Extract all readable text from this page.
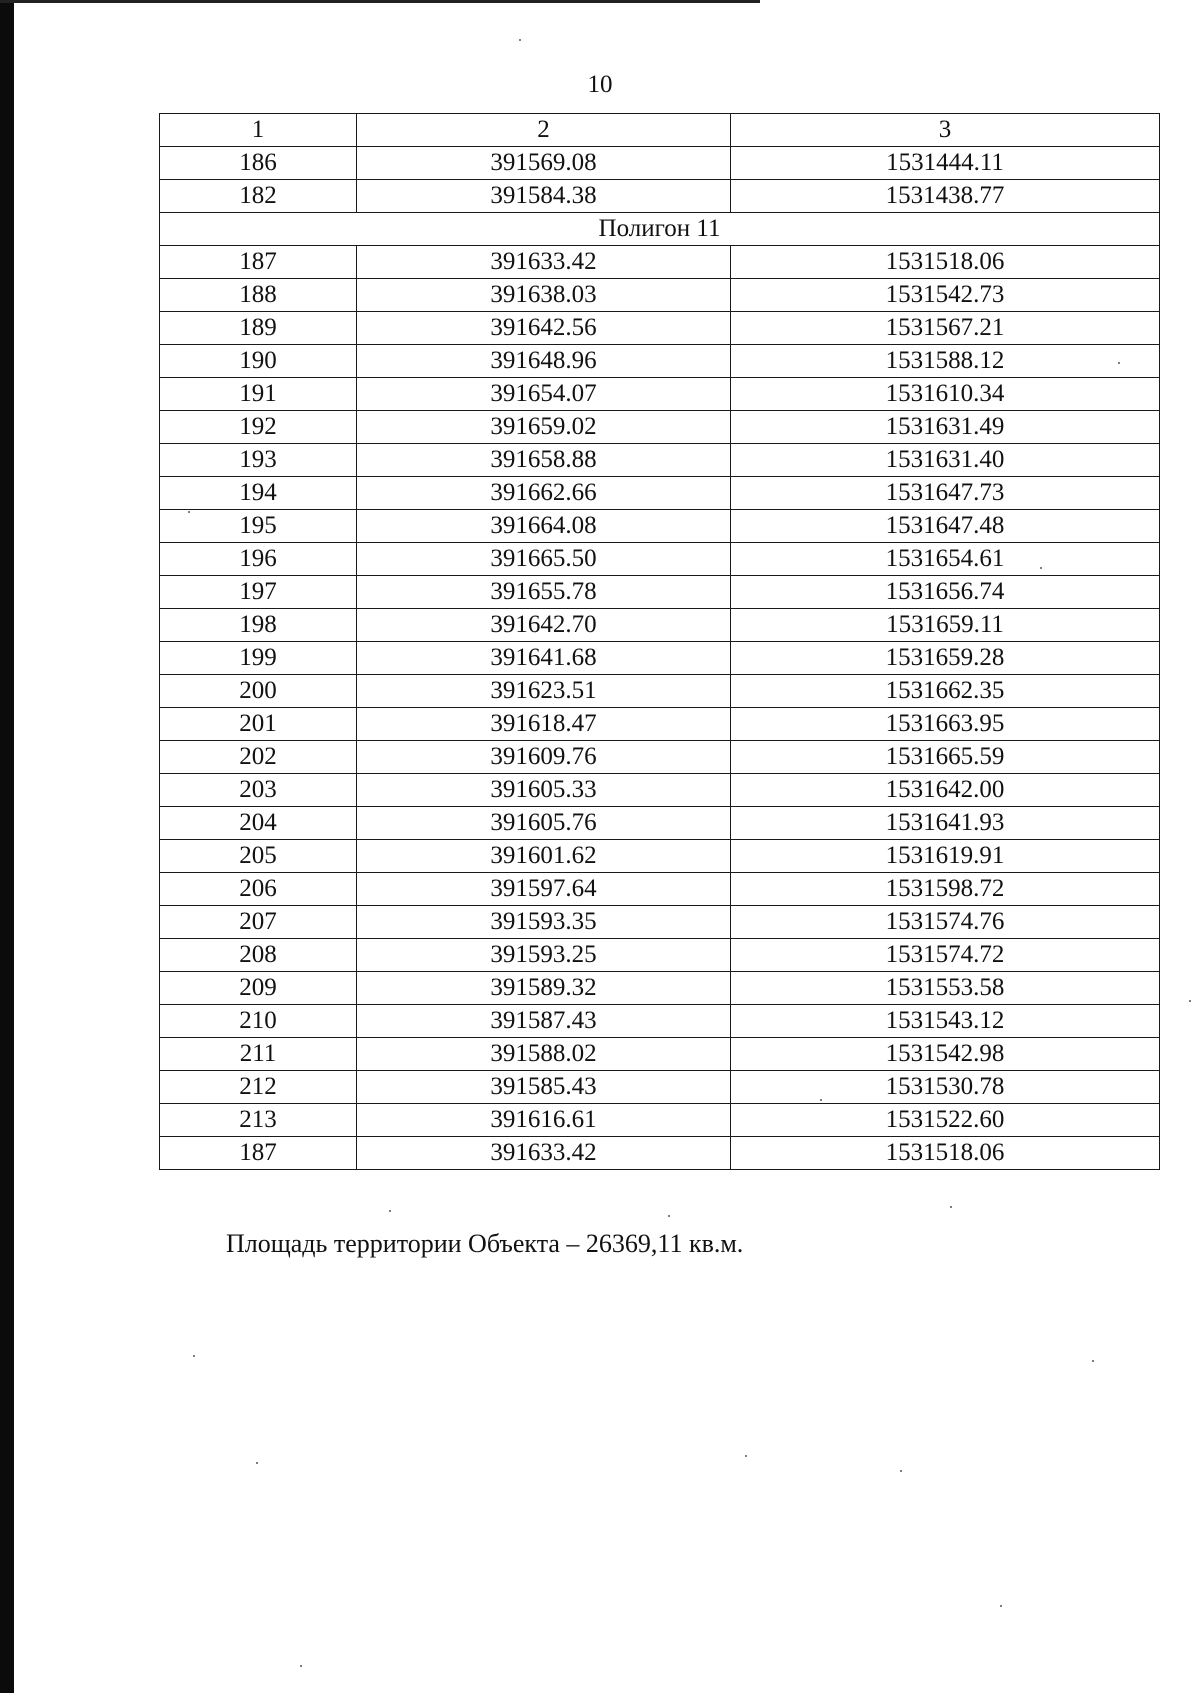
10
1	2	3
186	391569.08	1531444.11
182	391584.38	1531438.77
Полигон 11		
187	391633.42	1531518.06
188	391638.03	1531542.73
189	391642.56	1531567.21
190	391648.96	1531588.12
191	391654.07	1531610.34
192	391659.02	1531631.49
193	391658.88	1531631.40
194	391662.66	1531647.73
195	391664.08	1531647.48
196	391665.50	1531654.61
197	391655.78	1531656.74
198	391642.70	1531659.11
199	391641.68	1531659.28
200	391623.51	1531662.35
201	391618.47	1531663.95
202	391609.76	1531665.59
203	391605.33	1531642.00
204	391605.76	1531641.93
205	391601.62	1531619.91
206	391597.64	1531598.72
207	391593.35	1531574.76
208	391593.25	1531574.72
209	391589.32	1531553.58
210	391587.43	1531543.12
211	391588.02	1531542.98
212	391585.43	1531530.78
213	391616.61	1531522.60
187	391633.42	1531518.06
Площадь территории Объекта – 26369,11 кв.м.
